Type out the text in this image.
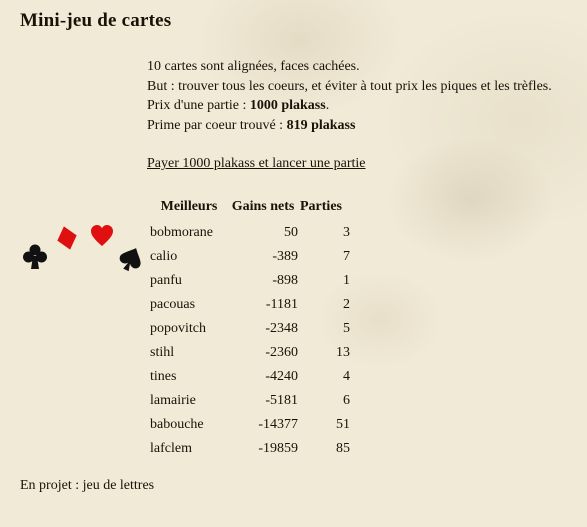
Mini-jeu de cartes
10 cartes sont alignées, faces cachées.
But : trouver tous les coeurs, et éviter à tout prix les piques et les trèfles.
Prix d'une partie : 1000 plakass.
Prime par coeur trouvé : 819 plakass
Payer 1000 plakass et lancer une partie
Meilleurs	Gains nets	Parties
bobmorane	50	3
calio	-389	7
panfu	-898	1
pacouas	-1181	2
popovitch	-2348	5
stihl	-2360	13
tines	-4240	4
lamairie	-5181	6
babouche	-14377	51
lafclem	-19859	85
En projet : jeu de lettres
